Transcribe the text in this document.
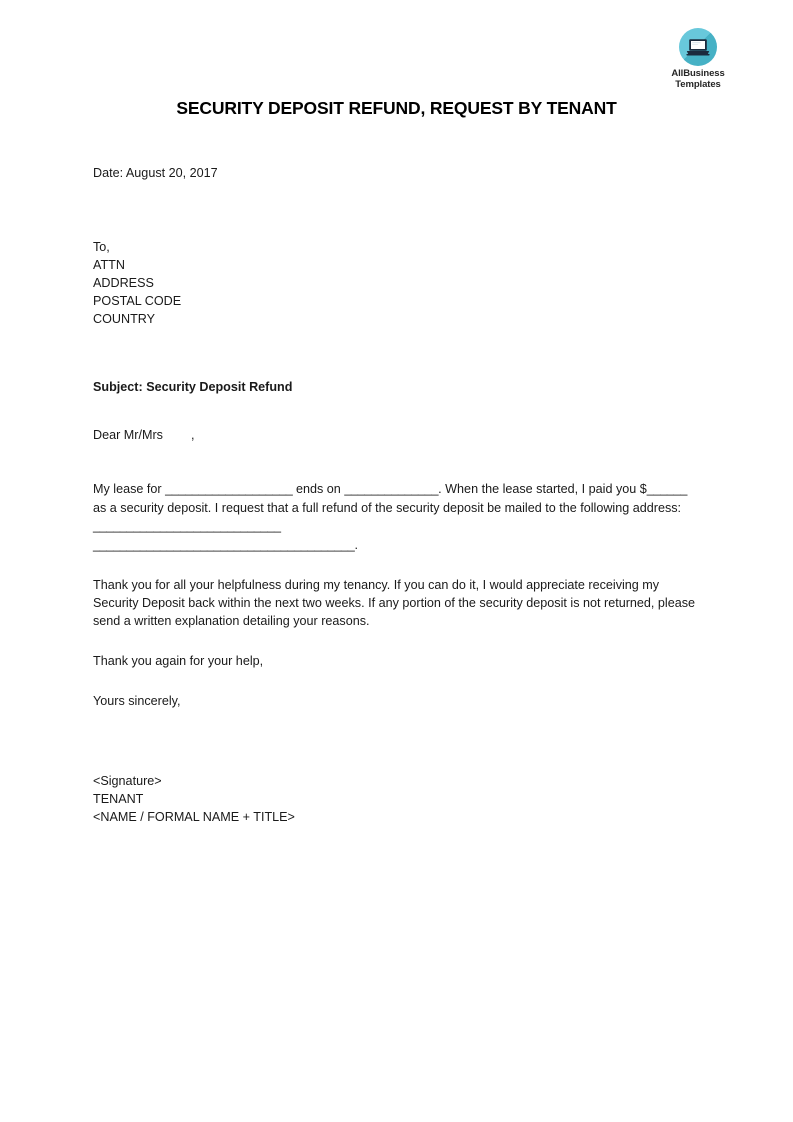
AllBusiness
Templates
SECURITY DEPOSIT REFUND, REQUEST BY TENANT
Date: August 20, 2017
To,
ATTN
ADDRESS
POSTAL CODE
COUNTRY
Subject: Security Deposit Refund
Dear Mr/Mrs        ,

My lease for ___________________ ends on ______________. When the lease started, I paid you $______ as a security deposit. I request that a full refund of the security deposit be mailed to the following address: ____________________________
_______________________________________.

Thank you for all your helpfulness during my tenancy. If you can do it, I would appreciate receiving my Security Deposit back within the next two weeks. If any portion of the security deposit is not returned, please send a written explanation detailing your reasons.

Thank you again for your help,
Yours sincerely,
<Signature>
TENANT
<NAME / FORMAL NAME + TITLE>
